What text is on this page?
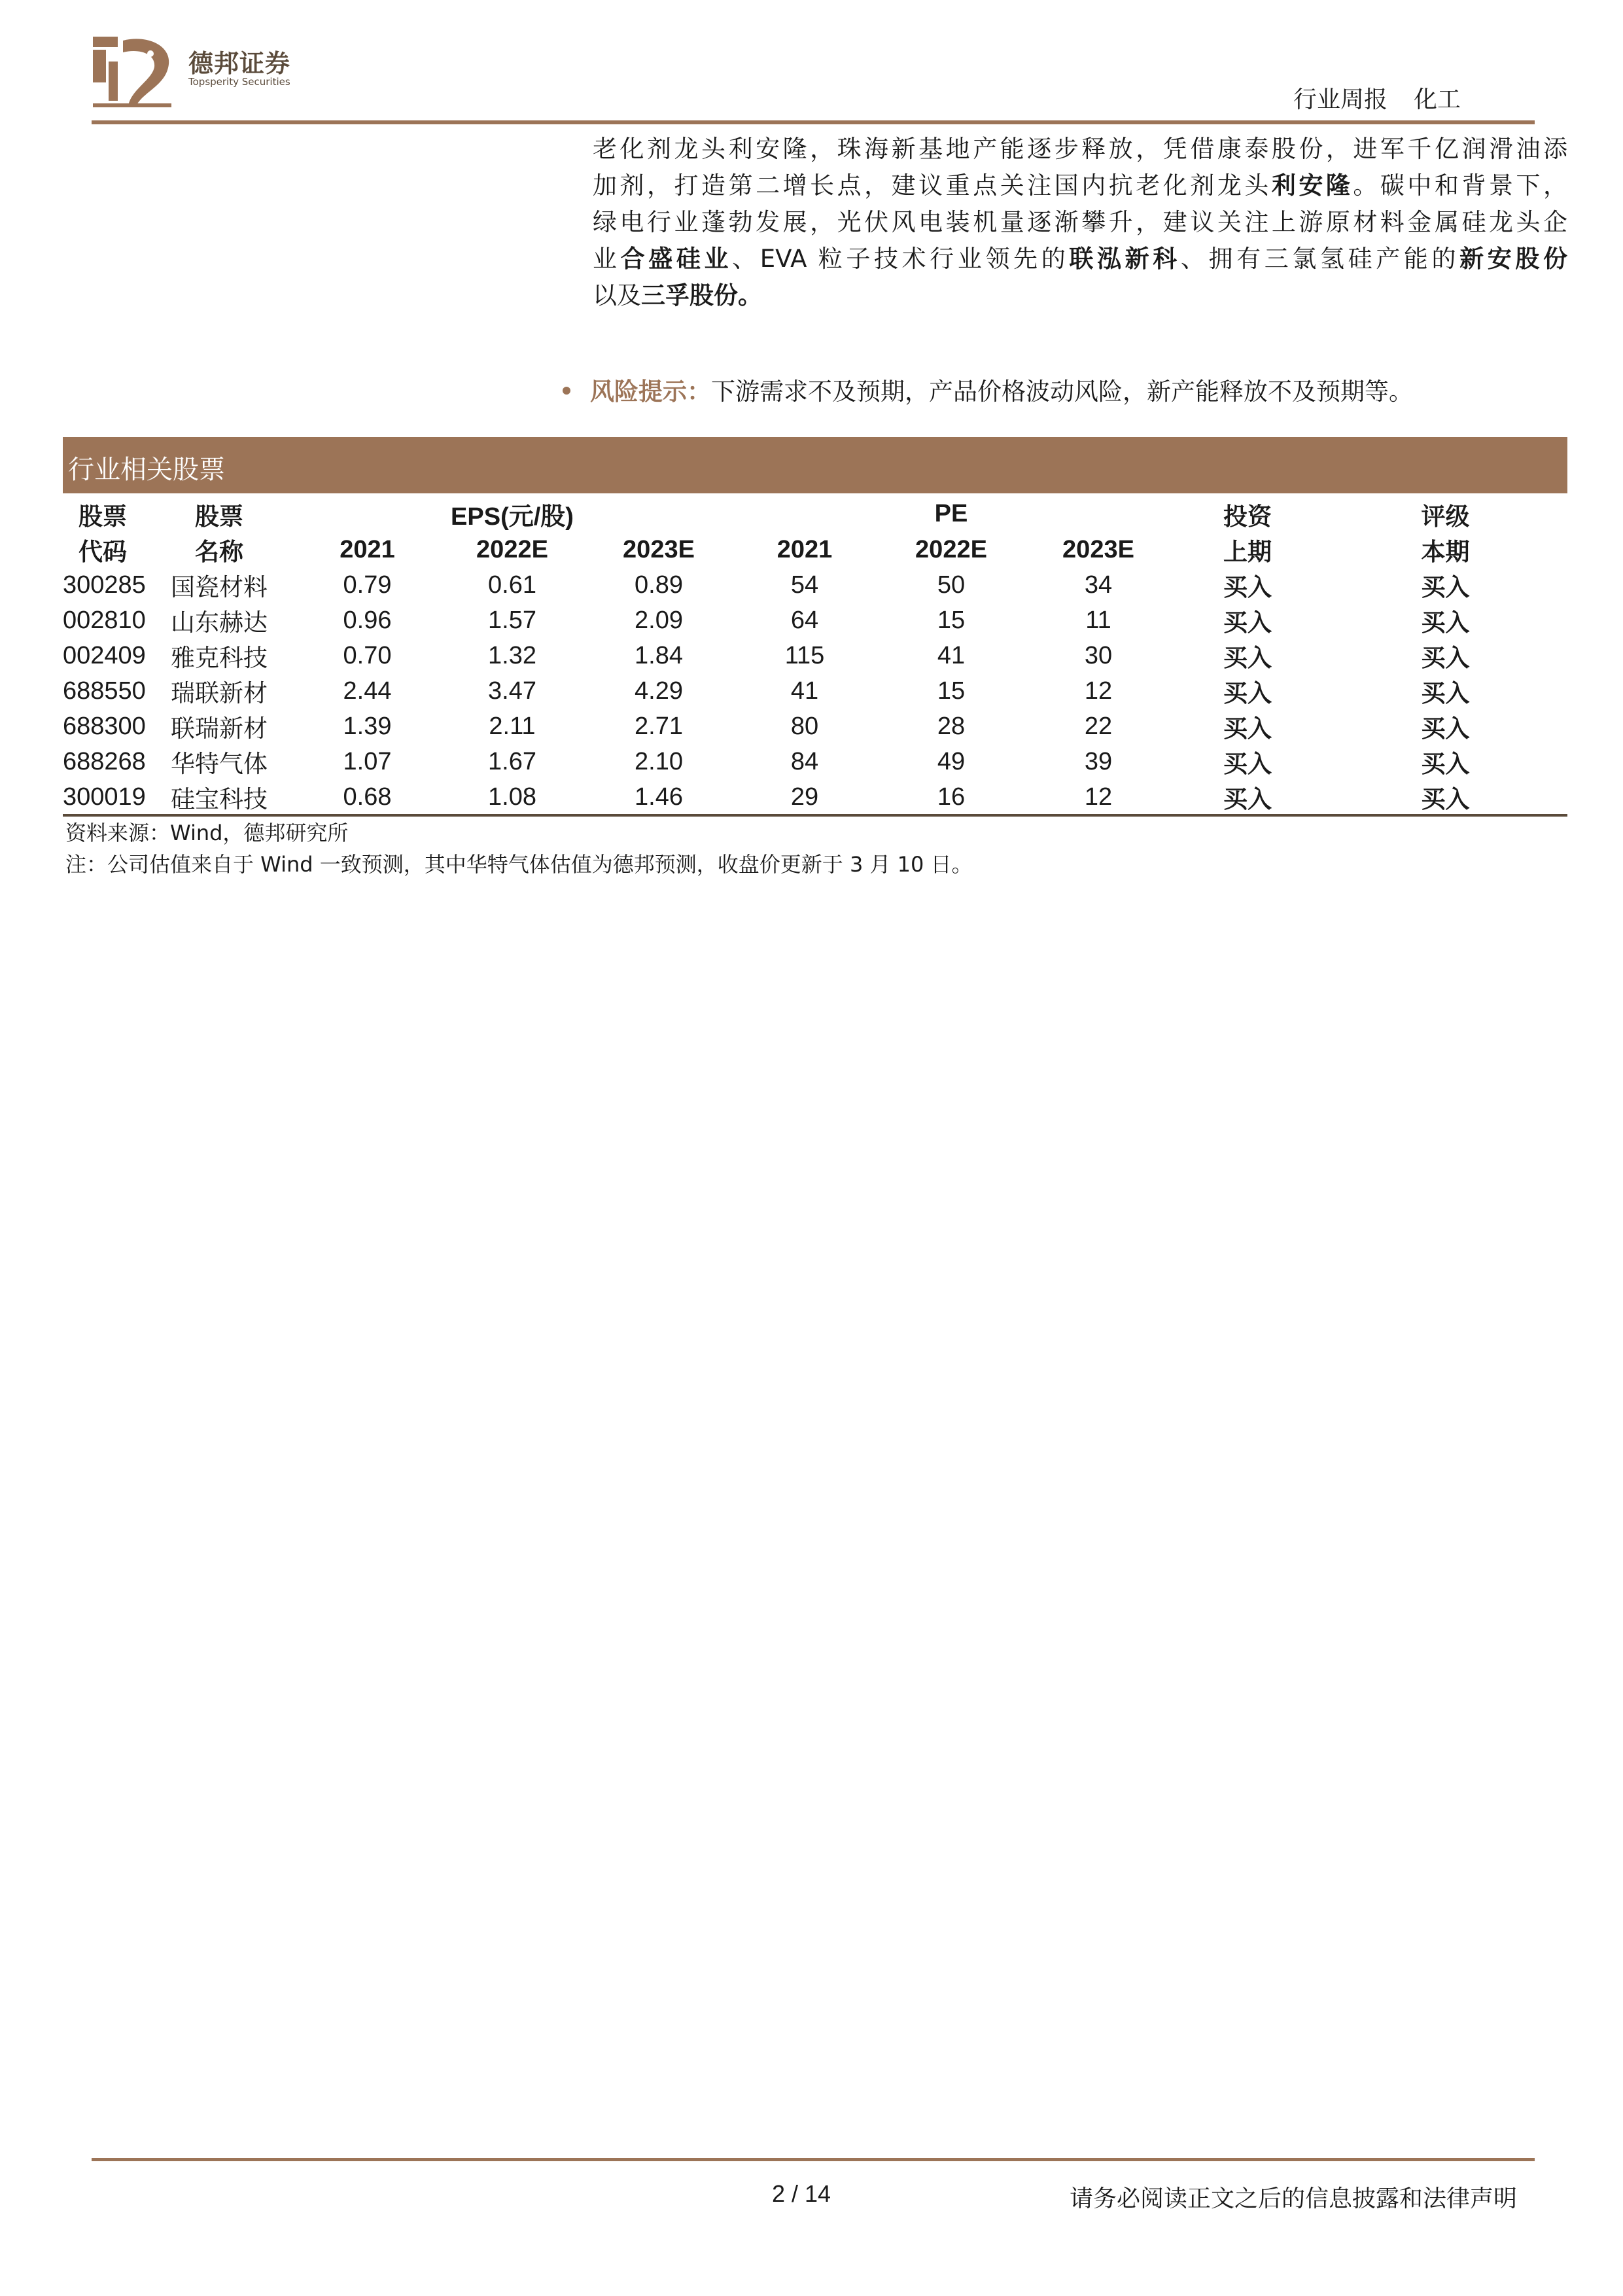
德邦证券
Topsperity Securities
行业周报 化工
老化剂龙头利安隆，珠海新基地产能逐步释放，凭借康泰股份，进军千亿润滑油添
加剂，打造第二增长点，建议重点关注国内抗老化剂龙头利安隆。碳中和背景下，
绿电行业蓬勃发展，光伏风电装机量逐渐攀升，建议关注上游原材料金属硅龙头企
业合盛硅业、EVA 粒子技术行业领先的联泓新科、拥有三氯氢硅产能的新安股份
以及三孚股份。
风险提示：下游需求不及预期，产品价格波动风险，新产能释放不及预期等。
行业相关股票
股票	股票		EPS(元/股)			PE		投资	评级
代码	名称	2021	2022E	2023E	2021	2022E	2023E	上期	本期
300285	国瓷材料	0.79	0.61	0.89	54	50	34	买入	买入
002810	山东赫达	0.96	1.57	2.09	64	15	11	买入	买入
002409	雅克科技	0.70	1.32	1.84	115	41	30	买入	买入
688550	瑞联新材	2.44	3.47	4.29	41	15	12	买入	买入
688300	联瑞新材	1.39	2.11	2.71	80	28	22	买入	买入
688268	华特气体	1.07	1.67	2.10	84	49	39	买入	买入
300019	硅宝科技	0.68	1.08	1.46	29	16	12	买入	买入
资料来源：Wind，德邦研究所
注：公司估值来自于 Wind 一致预测，其中华特气体估值为德邦预测，收盘价更新于 3 月 10 日。
2 / 14	请务必阅读正文之后的信息披露和法律声明
